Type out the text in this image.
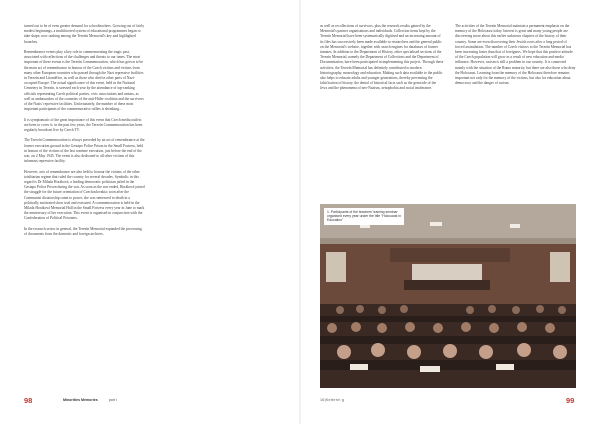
turned out to be of even greater demand for schoolteachers. Growing out of fairly modest beginnings, a multifaceted system of educational programmes began to take shape, now ranking among the Terezín Memorial's key and highlighted branches.

Remembrance events play a key role in commemorating the tragic past, associated with reflections of the challenges and threats to our times. The most important of these events is the Terezín Commemoration, which has grown to be the main act of remembrance in honour of the Czech victims and victims from many other European countries who passed through the Nazi repressive facilities in Terezín and Litoměřice, as well as those who died in other parts of Nazi-occupied Europe. The actual significance of this event, held in the National Cemetery in Terezín, is stressed each year by the attendance of top-ranking officials representing Czech political parties, civic associations and unions, as well as ambassadors of the countries of the anti-Hitler coalition and the survivors of the Nazis' repressive facilities. Unfortunately, the number of these most important participants of the commemorative rallies is shrinking…

It is symptomatic of the great importance of this event that Czech media outlets are keen to cover it; in the past few years, the Terezín Commemoration has been regularly broadcast live by Czech TV.

The Terezín Commemoration is always preceded by an act of remembrance at the former execution ground in the Gestapo Police Prison in the Small Fortress, held in honour of the victims of the last wartime execution, just before the end of the war, on 2 May 1945. The event is also dedicated to all other victims of this infamous repressive facility.

However, acts of remembrance are also held to honour the victims of the other totalitarian regime that ruled the country for several decades. Symbolic in this regard is Dr Milada Horáková, a leading democratic politician jailed in the Gestapo Police Prison during the war. As soon as the war ended, Horáková joined the struggle for the future orientation of Czechoslovakia; soon after the Communist dictatorship came to power, she was sentenced to death in a politically motivated show trial and executed. A commemoration is held in the Milada Horáková Memorial Hall in the Small Fortress every year in June to mark the anniversary of her execution. This event is organised in conjunction with the Confederation of Political Prisoners.

In the research sector in general, the Terezín Memorial expanded the processing of documents from the domestic and foreign archives,

as well as recollections of survivors, plus the research results gained by the Memorial's partner organisations and individuals. Collection items kept by the Terezín Memorial have been systematically digitised and an increasing amount of its files has successively been made available to researchers and the general public on the Memorial's website, together with search engines for databases of former inmates. In addition to the Department of History, other specialised sections of the Terezín Memorial, namely the Department of Collections and the Department of Documentation, have been participated in implementing this project. Through these activities, the Terezín Memorial has definitely contributed to modern historiography, museology and education. Making such data available to the public also helps to educate adults and younger generations, thereby preventing the falsification of history, the denial of historical facts such as the genocide of the Jews and the phenomena of neo-Nazism, xenophobia and racial intolerance.

The activities of the Terezín Memorial maintain a permanent emphasis on the memory of the Holocaust today. Interest is great and many young people are discovering more about this earlier unknown chapters of the history of their country. Some are even discovering their Jewish roots after a long period of forced assimilation. The number of Czech visitors to the Terezín Memorial has been increasing faster than that of foreigners. We hope that this positive attitude of the Czech population will grow as a result of new education and media influence. However, racism is still a problem in our country. It is connected mainly with the situation of the Roma minority, but there are also those who deny the Holocaust. Learning from the memory of the Holocaust therefore remains important not only for the memory of the victims, but also for education about democracy and the danger of racism.

1. Participants of the teachers' training seminar organised every year under the title "Holocaust in Education"
98	Minorities Memories	part I	16|Ketterin g	99
